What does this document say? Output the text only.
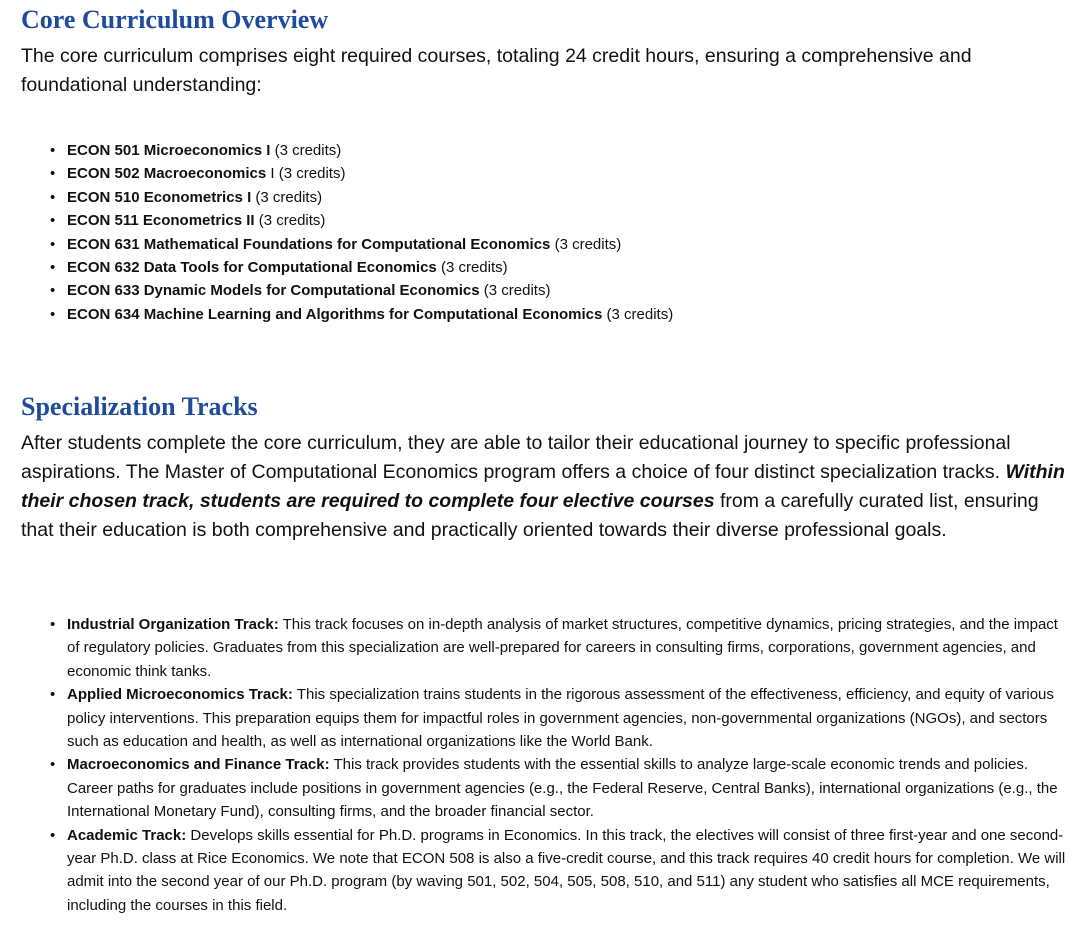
Core Curriculum Overview

The core curriculum comprises eight required courses, totaling 24 credit hours, ensuring a comprehensive and foundational understanding:

• ECON 501 Microeconomics I (3 credits)
• ECON 502 Macroeconomics I (3 credits)
• ECON 510 Econometrics I (3 credits)
• ECON 511 Econometrics II (3 credits)
• ECON 631 Mathematical Foundations for Computational Economics (3 credits)
• ECON 632 Data Tools for Computational Economics (3 credits)
• ECON 633 Dynamic Models for Computational Economics (3 credits)
• ECON 634 Machine Learning and Algorithms for Computational Economics (3 credits)
Specialization Tracks

After students complete the core curriculum, they are able to tailor their educational journey to specific professional aspirations. The Master of Computational Economics program offers a choice of four distinct specialization tracks. Within their chosen track, students are required to complete four elective courses from a carefully curated list, ensuring that their education is both comprehensive and practically oriented towards their diverse professional goals.

• Industrial Organization Track: This track focuses on in-depth analysis of market structures, competitive dynamics, pricing strategies, and the impact of regulatory policies. Graduates from this specialization are well-prepared for careers in consulting firms, corporations, government agencies, and economic think tanks.
• Applied Microeconomics Track: This specialization trains students in the rigorous assessment of the effectiveness, efficiency, and equity of various policy interventions. This preparation equips them for impactful roles in government agencies, non-governmental organizations (NGOs), and sectors such as education and health, as well as international organizations like the World Bank.
• Macroeconomics and Finance Track: This track provides students with the essential skills to analyze large-scale economic trends and policies. Career paths for graduates include positions in government agencies (e.g., the Federal Reserve, Central Banks), international organizations (e.g., the International Monetary Fund), consulting firms, and the broader financial sector.
• Academic Track: Develops skills essential for Ph.D. programs in Economics. In this track, the electives will consist of three first-year and one second-year Ph.D. class at Rice Economics. We note that ECON 508 is also a five-credit course, and this track requires 40 credit hours for completion. We will admit into the second year of our Ph.D. program (by waving 501, 502, 504, 505, 508, 510, and 511) any student who satisfies all MCE requirements, including the courses in this field.
